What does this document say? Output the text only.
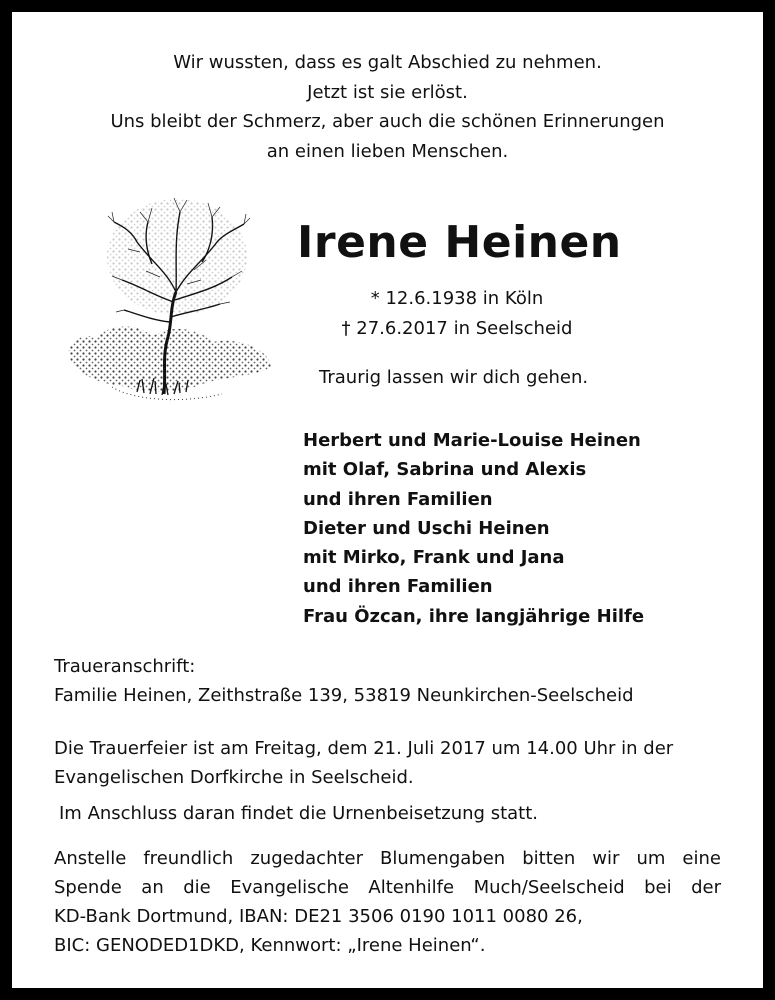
Wir wussten, dass es galt Abschied zu nehmen.
Jetzt ist sie erlöst.
Uns bleibt der Schmerz, aber auch die schönen Erinnerungen
an einen lieben Menschen.
Irene Heinen
* 12.6.1938 in Köln
† 27.6.2017 in Seelscheid
Traurig lassen wir dich gehen.
Herbert und Marie-Louise Heinen
mit Olaf, Sabrina und Alexis
und ihren Familien
Dieter und Uschi Heinen
mit Mirko, Frank und Jana
und ihren Familien
Frau Özcan, ihre langjährige Hilfe
Traueranschrift:
Familie Heinen, Zeithstraße 139, 53819 Neunkirchen-Seelscheid
Die Trauerfeier ist am Freitag, dem 21. Juli 2017 um 14.00 Uhr in der
Evangelischen Dorfkirche in Seelscheid.
Im Anschluss daran findet die Urnenbeisetzung statt.
Anstelle freundlich zugedachter Blumengaben bitten wir um eine
Spende an die Evangelische Altenhilfe Much/Seelscheid bei der
KD-Bank Dortmund, IBAN: DE21 3506 0190 1011 0080 26,
BIC: GENODED1DKD, Kennwort: „Irene Heinen“.
